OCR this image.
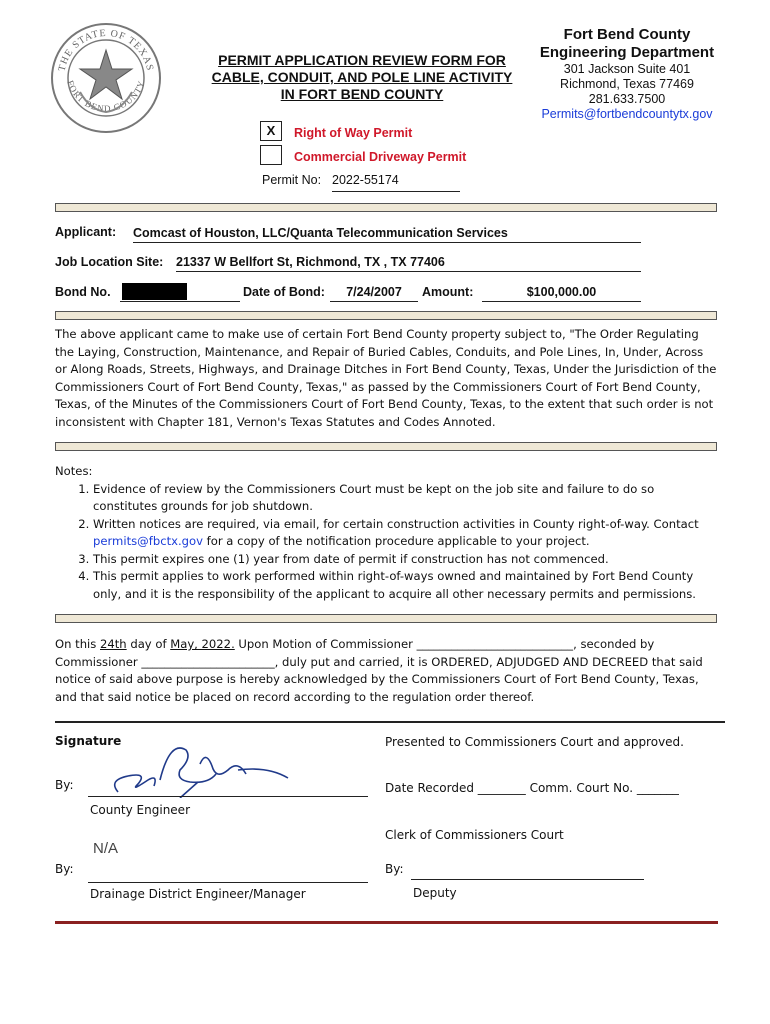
THE STATE OF TEXAS
FORT BEND COUNTY
PERMIT APPLICATION REVIEW FORM FOR
CABLE, CONDUIT, AND POLE LINE ACTIVITY
IN FORT BEND COUNTY
Fort Bend County
Engineering Department
301 Jackson Suite 401
Richmond, Texas 77469
281.633.7500
Permits@fortbendcountytx.gov
X	Right of Way Permit
Commercial Driveway Permit
Permit No: 2022-55174
Applicant: Comcast of Houston, LLC/Quanta Telecommunication Services
Job Location Site: 21337 W Bellfort St, Richmond, TX , TX 77406
Bond No.	Date of Bond:	7/24/2007	Amount:	$100,000.00
The above applicant came to make use of certain Fort Bend County property subject to, "The Order Regulating the Laying, Construction, Maintenance, and Repair of Buried Cables, Conduits, and Pole Lines, In, Under, Across or Along Roads, Streets, Highways, and Drainage Ditches in Fort Bend County, Texas, Under the Jurisdiction of the Commissioners Court of Fort Bend County, Texas," as passed by the Commissioners Court of Fort Bend County, Texas, of the Minutes of the Commissioners Court of Fort Bend County, Texas, to the extent that such order is not inconsistent with Chapter 181, Vernon's Texas Statutes and Codes Annoted.
Notes:
1. Evidence of review by the Commissioners Court must be kept on the job site and failure to do so constitutes grounds for job shutdown.
2. Written notices are required, via email, for certain construction activities in County right-of-way. Contact permits@fbctx.gov for a copy of the notification procedure applicable to your project.
3. This permit expires one (1) year from date of permit if construction has not commenced.
4. This permit applies to work performed within right-of-ways owned and maintained by Fort Bend County only, and it is the responsibility of the applicant to acquire all other necessary permits and permissions.
On this 24th day of May, 2022. Upon Motion of Commissioner ___________________________, seconded by Commissioner _______________________, duly put and carried, it is ORDERED, ADJUDGED AND DECREED that said notice of said above purpose is hereby acknowledged by the Commissioners Court of Fort Bend County, Texas, and that said notice be placed on record according to the regulation order thereof.
Signature
By:
County Engineer
N/A
By:
Drainage District Engineer/Manager
Presented to Commissioners Court and approved.
Date Recorded ________ Comm. Court No. _______
Clerk of Commissioners Court
By:
Deputy
